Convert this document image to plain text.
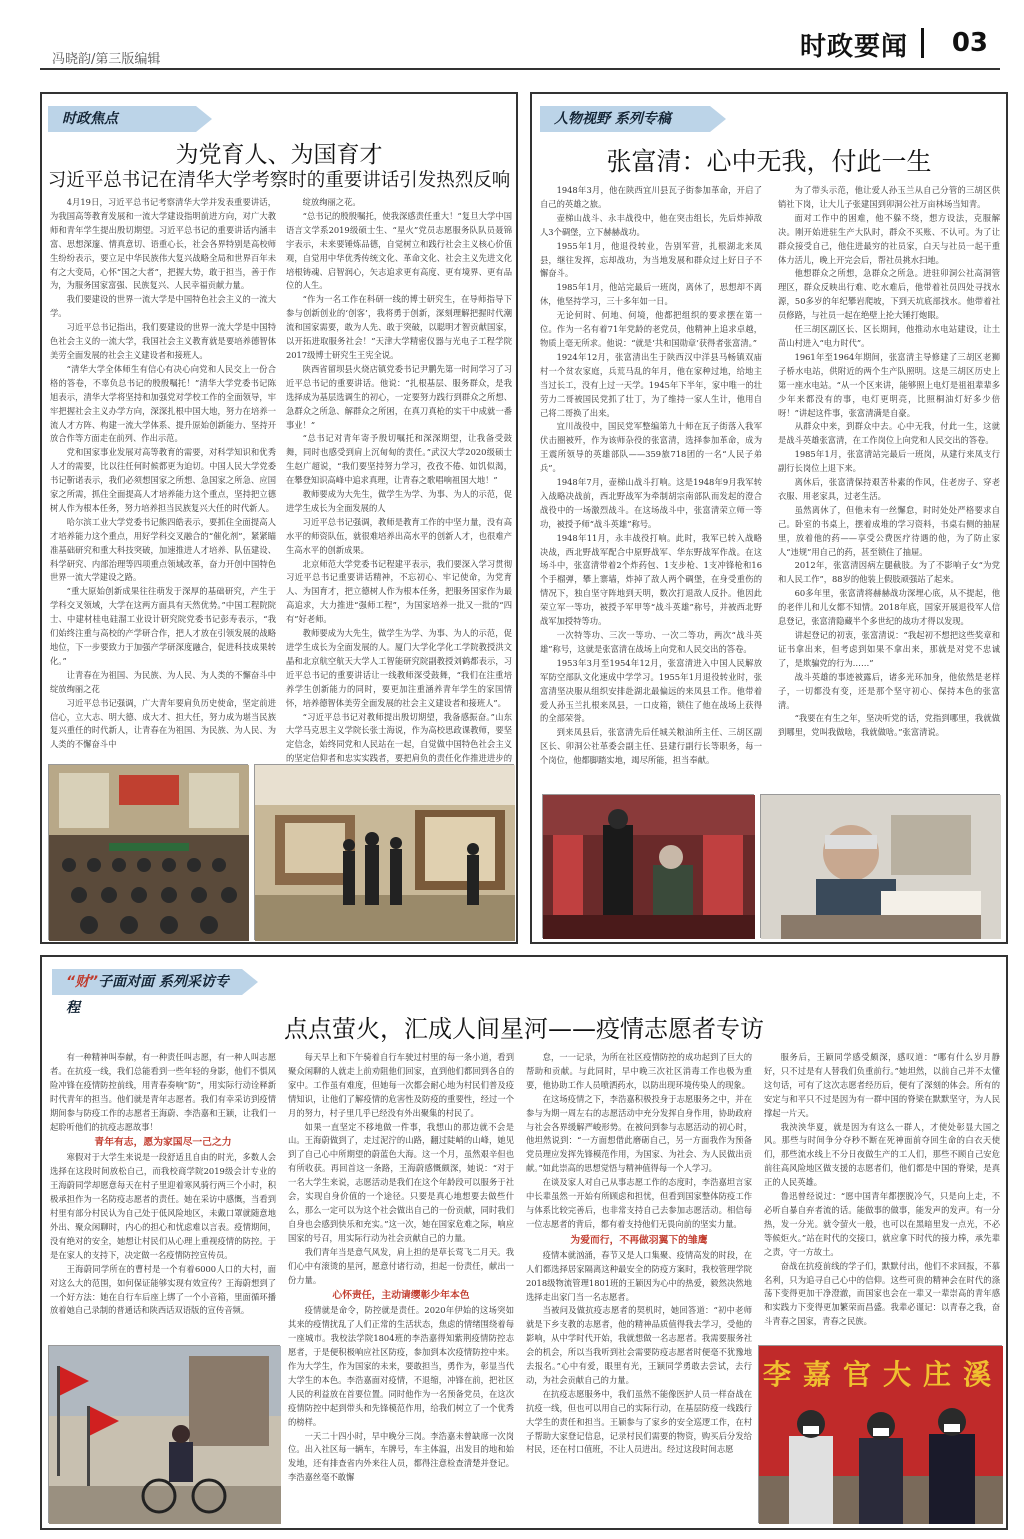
冯晓韵/第三版编辑	时政要闻 03
时政焦点
为党育人、为国育才
习近平总书记在清华大学考察时的重要讲话引发热烈反响

4月19日，习近平总书记考察清华大学并发表重要讲话，为我国高等教育发展和一流大学建设指明前进方向，对广大教师和青年学生提出殷切期望。习近平总书记的重要讲话内涵丰富、思想深邃、情真意切、语重心长，社会各界特别是高校师生纷纷表示，要立足中华民族伟大复兴战略全局和世界百年未有之大变局，心怀“国之大者”，把握大势，敢于担当，善于作为，为服务国家富强、民族复兴、人民幸福贡献力量。

我们要建设的世界一流大学是中国特色社会主义的一流大学。

习近平总书记指出，我们要建设的世界一流大学是中国特色社会主义的一流大学，我国社会主义教育就是要培养德智体美劳全面发展的社会主义建设者和接班人。

“清华大学全体师生有信心有决心向党和人民交上一份合格的答卷，不辜负总书记的殷殷嘱托！”清华大学党委书记陈旭表示，清华大学将坚持和加强党对学校工作的全面领导，牢牢把握社会主义办学方向，深深扎根中国大地，努力在培养一流人才方阵、构建一流大学体系、提升原始创新能力、坚持开放合作等方面走在前列、作出示范。

党和国家事业发展对高等教育的需要，对科学知识和优秀人才的需要，比以往任何时候都更为迫切。中国人民大学党委书记靳诺表示，我们必须想国家之所想、急国家之所急、应国家之所需，抓住全面提高人才培养能力这个重点，坚持把立德树人作为根本任务，努力培养担当民族复兴大任的时代新人。

哈尔滨工业大学党委书记熊四皓表示，要抓住全面提高人才培养能力这个重点，用好学科交叉融合的“催化剂”，紧紧瞄准基础研究和重大科技突破，加速推进人才培养、队伍建设、科学研究、内部治理等四项重点领域改革，奋力开创中国特色世界一流大学建设之路。

“重大原始创新成果往往萌发于深厚的基础研究，产生于学科交叉领域，大学在这两方面具有天然优势。”中国工程院院士、中建材桂电硅溜工业设计研究院党委书记彭寿表示，“我们始终注重与高校的产学研合作，把人才放在引领发展的战略地位，下一步要致力于加强产学研深度融合，促进科技成果转化。”

让青春在为祖国、为民族、为人民、为人类的不懈奋斗中绽放绚丽之花

习近平总书记强调，广大青年要肩负历史使命，坚定前进信心，立大志、明大德、成大才、担大任，努力成为堪当民族复兴重任的时代新人，让青春在为祖国、为民族、为人民、为人类的不懈奋斗中

绽放绚丽之花。

“总书记的殷殷嘱托，使我深感责任重大！”复旦大学中国语言文学系2019级硕士生、“星火”党员志愿服务队队员聂锦宇表示，未来要锤炼品德，自觉树立和践行社会主义核心价值观，自觉用中华优秀传统文化、革命文化、社会主义先进文化培根铸魂、启智润心，矢志追求更有高度、更有境界、更有品位的人生。

“作为一名工作在科研一线的博士研究生，在导师指导下参与创新创业的‘创客’，我将勇于创新，深刻理解把握时代潮流和国家需要，敢为人先、敢于突破，以聪明才智贡献国家，以开拓进取服务社会！”天津大学精密仪器与光电子工程学院2017级博士研究生王宪全说。

陕西省留坝县火烧店镇党委书记尹鹏先第一时间学习了习近平总书记的重要讲话。他说：“扎根基层、服务群众，是我选择成为基层选调生的初心，一定要努力践行到群众之所想、急群众之所急、解群众之所困，在真刀真枪的实干中成就一番事业！”

“总书记对青年寄予殷切嘱托和深深期望，让我备受鼓舞，同时也感受到肩上沉甸甸的责任。”武汉大学2020级硕士生赵广超说，“我们要坚持努力学习，孜孜不倦、如饥似渴，在攀登知识高峰中追求真理，让青春之歌唱响祖国大地！”

教师要成为大先生，做学生为学、为事、为人的示范，促进学生成长为全面发展的人

习近平总书记强调，教师是教育工作的中坚力量，没有高水平的师资队伍，就很难培养出高水平的创新人才，也很难产生高水平的创新成果。

北京师范大学党委书记程建平表示，我们要深入学习贯彻习近平总书记重要讲话精神，不忘初心、牢记使命，为党育人、为国育才，把立德树人作为根本任务，把服务国家作为最高追求，大力推进“强师工程”，为国家培养一批又一批的“四有”好老师。

教师要成为大先生，做学生为学、为事、为人的示范，促进学生成长为全面发展的人。厦门大学化学化工学院教授洪文晶和北京航空航天大学人工智能研究院副教授刘鹤都表示，习近平总书记的重要讲话让一线教师深受鼓舞，“我们在注重培养学生创新能力的同时，要更加注重涵养青年学生的家国情怀，培养德智体美劳全面发展的社会主义建设者和接班人”。

“习近平总书记对教师提出殷切期望，我备感振奋。”山东大学马克思主义学院长张士海说，作为高校思政课教师，要坚定信念，始终同党和人民站在一起，自觉做中国特色社会主义的坚定信仰者和忠实实践者，要把肩负的责任化作推进进步的

人物视野 系列专稿
张富清：心中无我，付此一生

1948年3月，他在陕西宜川县瓦子街参加革命，开启了自己的英雄之旅。

壶梯山战斗、永丰战役中，他在突击组长，先后炸掉敌人3个碉堡，立下赫赫战功。

1955年1月，他退役转业，告别军营，扎根湖北来凤县，继往发挥，忘却战功，为当地发展和群众过上好日子不懈奋斗。

1985年1月，他站完最后一班岗，离休了，思想却不离休，他坚持学习，三十多年如一日。

无论何时、何地、何境，他都把组织的要求摆在第一位。作为一名有着71年党龄的老党员，他精神上追求卓越，物质上毫无所求。他说：“就是‘共和国勋章’获得者张富清。”

1924年12月，张富清出生于陕西汉中洋县马畅镇双庙村一个贫农家庭，兵荒马乱的年月，他在家种过地，给地主当过长工，没有上过一天学。1945年下半年，家中唯一的壮劳力二哥被国民党抓了壮丁，为了维持一家人生计，他用自己将二哥换了出来。

宜川战役中，国民党军整编第九十师在瓦子街落入我军伏击圈被歼，作为该师杂役的张富清，选择参加革命，成为王震所领导的英雄部队——359旅718团的一名“人民子弟兵”。

1948年7月，壶梯山战斗打响。这是1948年9月我军转入战略决战前，西北野战军为牵制胡宗南部队而发起的澄合战役中的一场激烈战斗。在这场战斗中，张富清荣立师一等功，被授予师“战斗英雄”称号。

1948年11月，永丰战役打响。此时，我军已转入战略决战，西北野战军配合中原野战军、华东野战军作战。在这场斗中，张富清带着2个炸药包、1支步枪、1支冲锋枪和16个手榴弹，攀上寨墙，炸掉了敌人两个碉堡，在身受重伤的情况下，独自坚守阵地到天明，数次打退敌人反扑。他因此荣立军一等功，被授予军甲等“战斗英雄”称号，并被西北野战军加授特等功。

一次特等功、三次一等功、一次二等功，两次“战斗英雄”称号，这就是张富清在战场上向党和人民交出的答卷。

1953年3月至1954年12月，张富清进入中国人民解放军防空部队文化速成中学学习。1955年1月退役转业时，张富清坚决服从组织安排赴湖北最偏远的来凤县工作。他带着爱人孙玉兰扎根来凤县，一口皮箱，锁住了他在战场上获得的全部荣誉。

到来凤县后，张富清先后任城关粮油所主任、三胡区副区长、卯洞公社革委会副主任、县建行副行长等职务，每一个岗位，他都脚踏实地，竭尽所能，担当奉献。

为了带头示范，他让爱人孙玉兰从自己分管的三胡区供销社下岗，让大儿子张建国到卯洞公社万亩林场当知青。

面对工作中的困难，他不躲不绕，想方设法，克服解决。刚开始进驻生产大队时，群众不买账、不认可。为了让群众接受自己，他住进最穷的社员家，白天与社员一起干重体力活儿，晚上开完会后，帮社员挑水扫地。

他想群众之所想，急群众之所急。进驻卯洞公社高洞管理区，群众反映出行难、吃水难后，他带着社员四处寻找水源，50多岁的年纪攀岩爬坡，下到天坑底部找水。他带着社员修路，与社员一起在绝壁上抡大锤打炮眼。

任三胡区副区长、区长期间，他推动水电站建设，让土苗山村进入“电力时代”。

1961年至1964年期间，张富清主导修建了三胡区老狮子桥水电站，供附近的两个生产队照明。这是三胡区历史上第一座水电站。“从一个区来讲，能够照上电灯是祖祖辈辈多少年来都没有的事，电灯更明亮，比照桐油灯好多少倍呀！”讲起这件事，张富清满是自豪。

从群众中来，到群众中去。心中无我，付此一生，这就是战斗英雄张富清，在工作岗位上向党和人民交出的答卷。

1985年1月，张富清站完最后一班岗，从建行来凤支行副行长岗位上退下来。

离休后，张富清保持艰苦朴素的作风，住老房子、穿老衣服、用老家具，过老生活。

虽然离休了，但他未有一丝懈怠，时时处处严格要求自己。卧室的书桌上，摆着成堆的学习资料，书桌右侧的抽屉里，放着他的药——享受公费医疗待遇的他，为了防止家人“违规”用自己的药，甚至锁住了抽屉。

2012年，张富清因病左腿截肢。为了不影响子女“为党和人民工作”，88岁的他装上假肢顽强站了起来。

60多年里，张富清将赫赫战功深埋心底，从不提起，他的老伴儿和儿女都不知情。2018年底，国家开展退役军人信息登记，张富清隐藏半个多世纪的战功才得以发现。

讲起登记的初衷，张富清说：“我起初不想把这些奖章和证书拿出来，但考虑到如果不拿出来，那就是对党不忠诚了，是欺骗党的行为……”

战斗英雄的事迹被露后，诸多光环加身，他依然是老样子，一切都没有变，还是那个坚守初心、保持本色的张富清。

“我要在有生之年，坚决听党的话，党指到哪里，我就做到哪里，党叫我做啥，我就做啥。”张富清说。

“财”子面对面 系列采访专程
点点萤火，汇成人间星河——疫情志愿者专访

有一种精神叫奉献，有一种责任叫志愿，有一种人叫志愿者。在抗疫一线，我们总能看到一些年轻的身影，他们不惧风险冲锋在疫情防控前线，用青春奏响“防”，用实际行动诠释新时代青年的担当。他们就是青年志愿者。我们有幸采访到疫情期间参与防疫工作的志愿者王海蔚、李浩嘉和王颖，让我们一起聆听他们的抗疫志愿故事！

青年有志，愿为家国尽一己之力

寒假对于大学生来说是一段舒适且自由的时光，多数人会选择在这段时间放松自己，而我校商学院2019级会计专业的王海蔚同学却愿意每天在村子里迎着寒风骑行两三个小时，积极承担作为一名防疫志愿者的责任。她在采访中感慨，当看到村里有部分村民认为自己处于低风险地区，未戴口罩就随意地外出、聚众闲聊时，内心的担心和忧虑难以言表。疫情期间，没有绝对的安全，她想让村民们从心理上重视疫情的防控。于是在家人的支持下，决定做一名疫情防控宣传员。

王海蔚同学所在的曹村是一个有着6000人口的大村，面对这么大的范围，如何保证能够实现有效宣传？王海蔚想到了一个好方法：她在自行车后座上绑了一个小音箱，里面循环播放着她自己录制的普通话和陕西话双语版的宣传音频。

每天早上和下午骑着自行车驶过村里的每一条小道，看到聚众闲聊的人就走上前劝阻他们回家，直到他们都回到各自的家中。工作虽有难度，但她每一次都会耐心地为村民们普及疫情知识，让他们了解疫情的危害性及防疫的重要性，经过一个月的努力，村子里几乎已经没有外出聚集的村民了。

如果一直坚定不移地做一件事，我想山的那边就不会是山。王海蔚做到了，走过泥泞的山路，翻过陡峭的山峰，她见到了自己心中所期望的蔚蓝色大海。这一个月，虽然艰辛但也有所收获。再回首这一条路，王海蔚感慨颇深，她说：“对于一名大学生来说，志愿活动是我们在这个年龄段可以服务于社会，实现自身价值的一个途径。只要是真心地想要去做些什么，那么一定可以为这个社会做出自己的一份贡献，同时我们自身也会感到快乐和充实。”这一次，她在国家危难之际，响应国家的号召，用实际行动为社会贡献自己的力量。

我们青年当是意气风发，肩上担的是草长莺飞二月天。我们心中有滚烫的星河，愿意付诸行动，担起一份责任，献出一份力量。

心怀责任，主动请缨彰少年本色

疫情就是命令，防控就是责任。2020年伊始的这场突如其来的疫情扰乱了人们正常的生活状态，焦虑的情绪围绕着每一座城市。我校法学院1804班的李浩嘉得知紫荆疫情防控志愿者，于是便积极响应社区防疫，参加到本次疫情防控中来。作为大学生，作为国家的未来，要敢担当，勇作为，彰显当代大学生的本色。李浩嘉面对疫情，不退缩，冲锋在前，把社区人民的利益放在首要位置。同时他作为一名预备党员，在这次疫情防控中起到带头和先锋模范作用，给我们树立了一个优秀的榜样。

一天二十四小时，早中晚分三岗。李浩嘉未曾缺席一次岗位。出入社区每一辆车，车牌号，车主体温，出发目的地和始发地，还有排查省内外来往人员，都得注意检查清楚并登记。李浩嘉丝毫不敢懈

怠，一一记录，为所在社区疫情防控的成功起到了巨大的帮助和贡献。与此同时，早中晚三次社区消毒工作也极为重要，他协助工作人员喷洒药水，以防出现环境传染人的现象。

在这场疫情之下，李浩嘉积极投身于志愿服务之中，并在参与为期一周左右的志愿活动中充分发挥自身作用，协助政府与社会各界缓解严峻形势。在被问到参与志愿活动的初心时，他坦然说到：“一方面想借此磨砺自己，另一方面我作为预备党员理应发挥先锋模范作用，为国家、为社会、为人民做出贡献。”如此崇高的思想觉悟与精神值得每一个人学习。

在谈及家人对自己从事志愿工作的态度时，李浩嘉坦言家中长辈虽然一开始有所顾虑和担忧，但看到国家整体防疫工作与体系比较完善后，也非常支持自己去参加志愿活动。相信每一位志愿者的背后，都有着支持他们无畏向前的坚实力量。

为爱而行，不再做羽翼下的雏鹰

疫情本就汹涌，春节又是人口集聚、疫情高发的时段，在人们都选择居家隔离这种最安全的防疫方案时，我校管理学院2018级物流管理1801班的王颖因为心中的热爱，毅然决然地选择走出家门当一名志愿者。

当被问及做抗疫志愿者的契机时，她回答道：“初中老师就是下乡支教的志愿者，他的精神品质值得我去学习，受他的影响，从中学时代开始，我就想做一名志愿者。我需要服务社会的机会，所以当我听到社会需要防疫志愿者时便毫不犹豫地去报名。”心中有爱，眼里有光，王颖同学勇敢去尝试，去行动，为社会贡献自己的力量。

在抗疫志愿服务中，我们虽然不能像医护人员一样奋战在抗疫一线，但也可以用自己的实际行动，在基层防疫一线践行大学生的责任和担当。王颖参与了家乡的安全巡逻工作，在村子帮助大家登记信息，记录村民们需要的物资，购买后分发给村民，还在村口值班，不让人员进出。经过这段时间志愿

服务后，王颖同学感受颇深，感叹道：“哪有什么岁月静好，只不过是有人替我们负重前行。”她坦然，以前自己并不太懂这句话，可有了这次志愿者经历后，便有了深刻的体会。所有的安定与和平只不过是因为有一群中国的脊梁在默默坚守，为人民撑起一片天。

我泱泱华夏，就是因为有这么一群人，才使处彰显大国之风。那些与时间争分夺秒不断在死神面前夺回生命的白衣天使们，那些流水线上不分日夜做生产的工人们，那些不顾自己安危前往高风险地区做支援的志愿者们，他们都是中国的脊梁，是真正的人民英雄。

鲁迅曾经说过：“愿中国青年都摆脱冷气，只是向上走，不必听自暴自弃者流的话。能做事的做事，能发声的发声。有一分热，发一分光。就令萤火一般，也可以在黑暗里发一点光，不必等候炬火。”站在时代的交接口，就应拿下时代的接力棒，承先辈之责，守一方故土。

奋战在抗疫前线的学子们，默默付出，他们不求回报，不慕名利，只为追寻自己心中的信仰。这些可贵的精神会在时代的涤荡下变得更加干净澄澈，而国家也会在一辈又一辈崇高的青年感和实践力下变得更加繁荣而昌盛。我辈必谨记：以青春之我，奋斗青春之国家，青春之民族。

李 嘉 官 大 庄 溪
